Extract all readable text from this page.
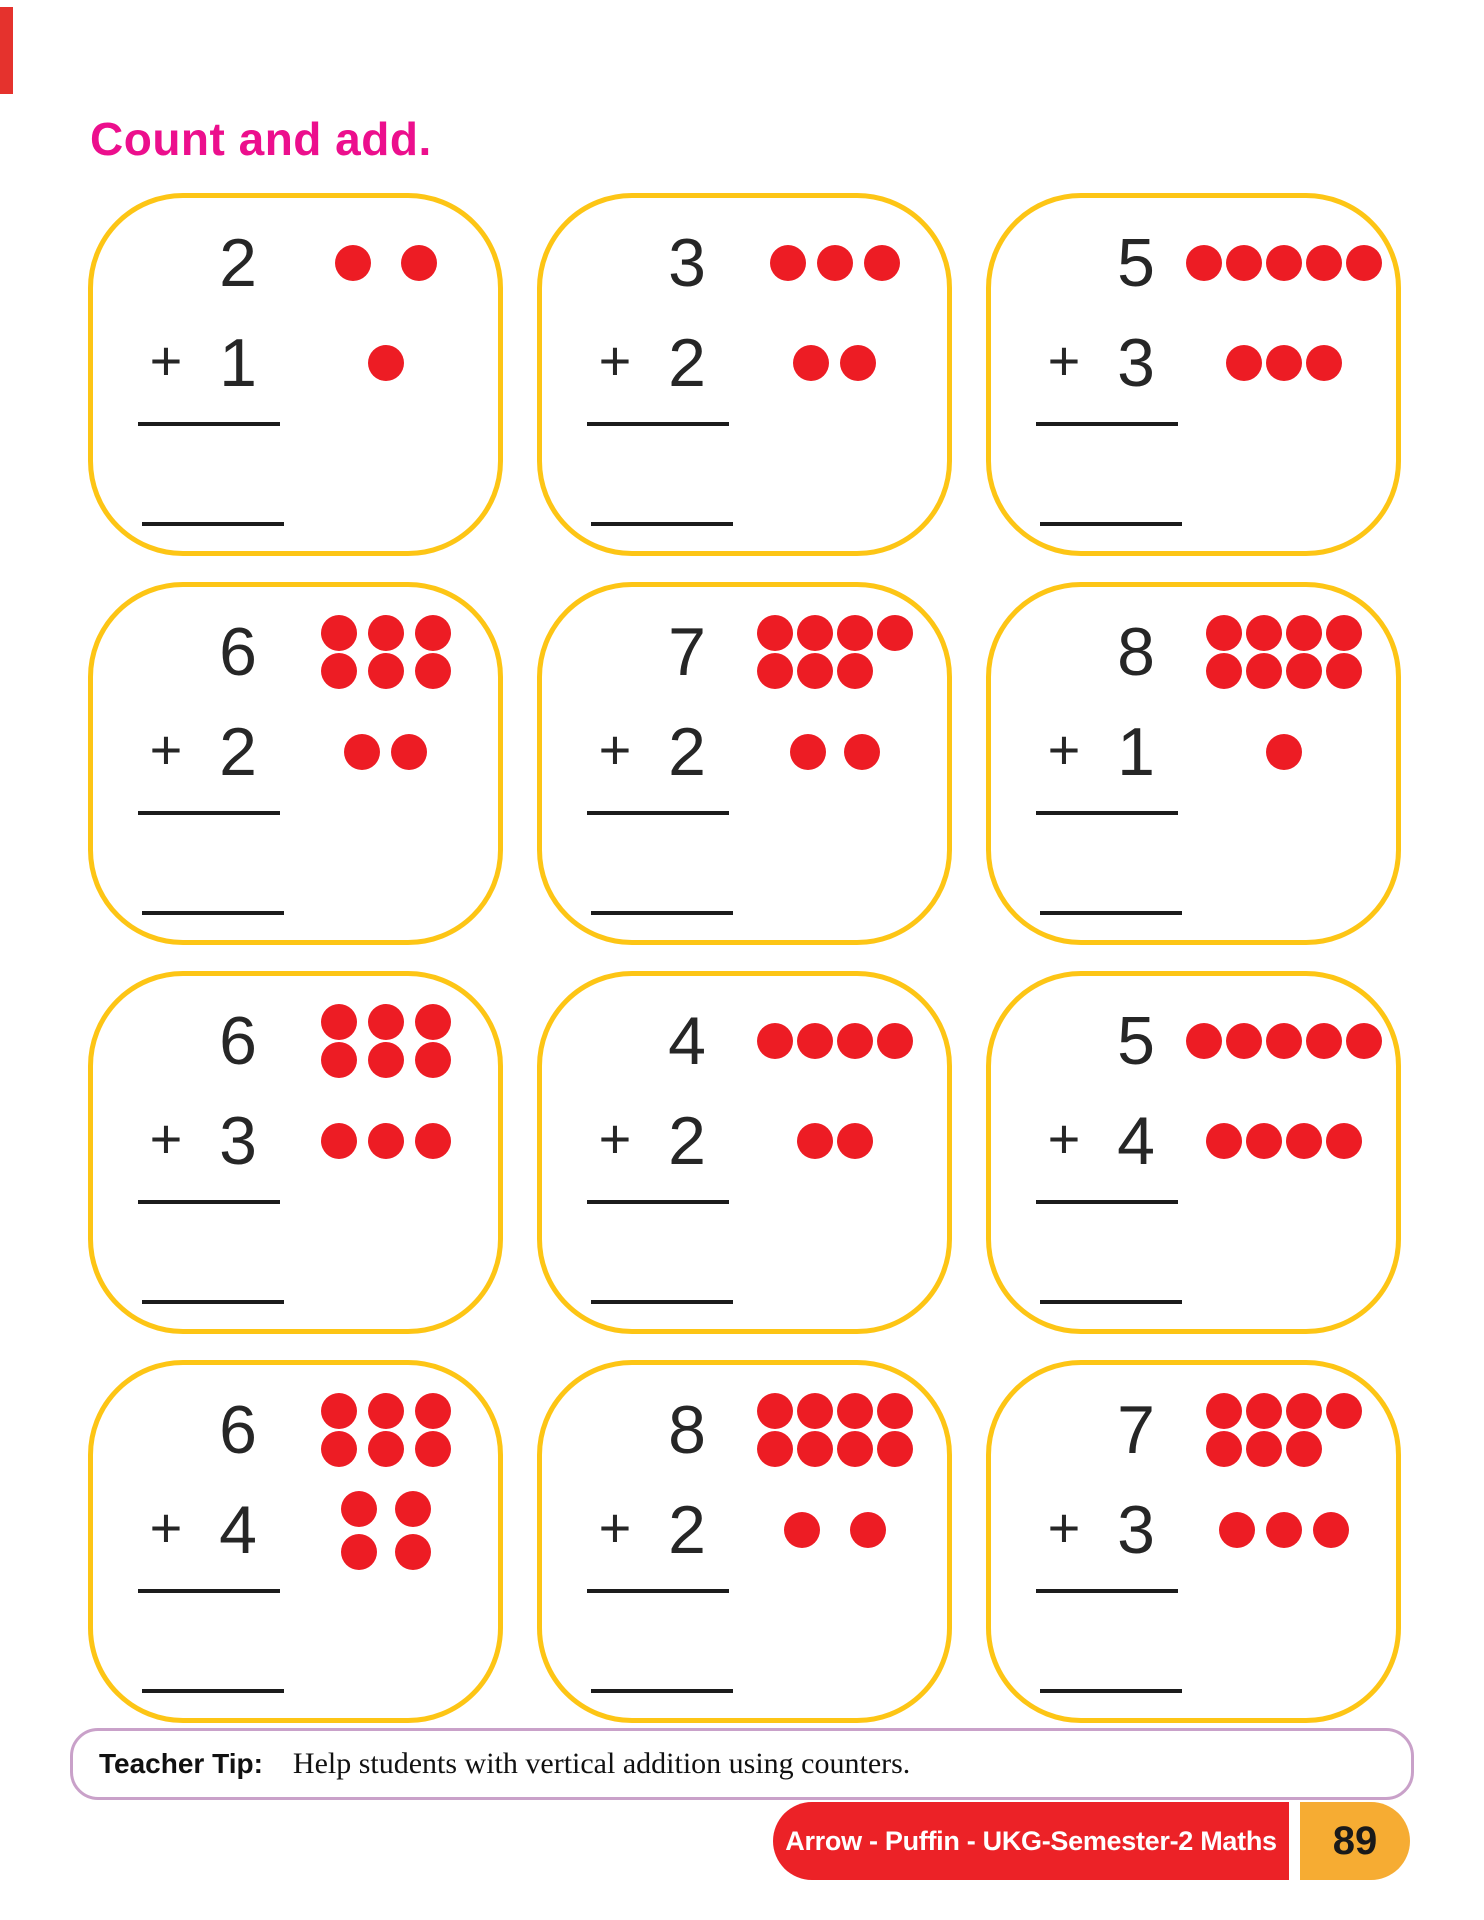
Count and add.
2
+ 1
3
+ 2
5
+ 3
6
+ 2
7
+ 2
8
+ 1
6
+ 3
4
+ 2
5
+ 4
6
+ 4
8
+ 2
7
+ 3
Teacher Tip: Help students with vertical addition using counters.
Arrow - Puffin - UKG-Semester-2 Maths	89
